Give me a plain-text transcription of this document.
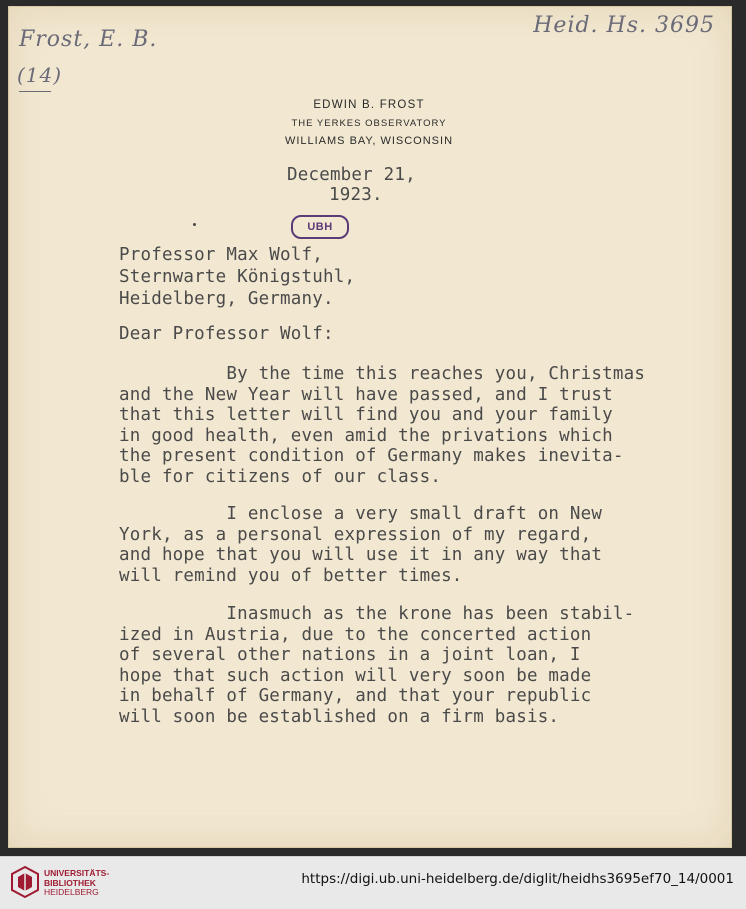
Frost, E. B.
(14)
Heid. Hs. 3695
EDWIN B. FROST
THE YERKES OBSERVATORY
WILLIAMS BAY, WISCONSIN
December 21,
1923.
UBH
Professor Max Wolf,
Sternwarte Königstuhl,
Heidelberg, Germany.
Dear Professor Wolf:
By the time this reaches you, Christmas
and the New Year will have passed, and I trust
that this letter will find you and your family
in good health, even amid the privations which
the present condition of Germany makes inevita-
ble for citizens of our class.
I enclose a very small draft on New
York, as a personal expression of my regard,
and hope that you will use it in any way that
will remind you of better times.
Inasmuch as the krone has been stabil-
ized in Austria, due to the concerted action
of several other nations in a joint loan, I
hope that such action will very soon be made
in behalf of Germany, and that your republic
will soon be established on a firm basis.
UNIVERSITÄTS-
BIBLIOTHEK
HEIDELBERG
https://digi.ub.uni-heidelberg.de/diglit/heidhs3695ef70_14/0001
